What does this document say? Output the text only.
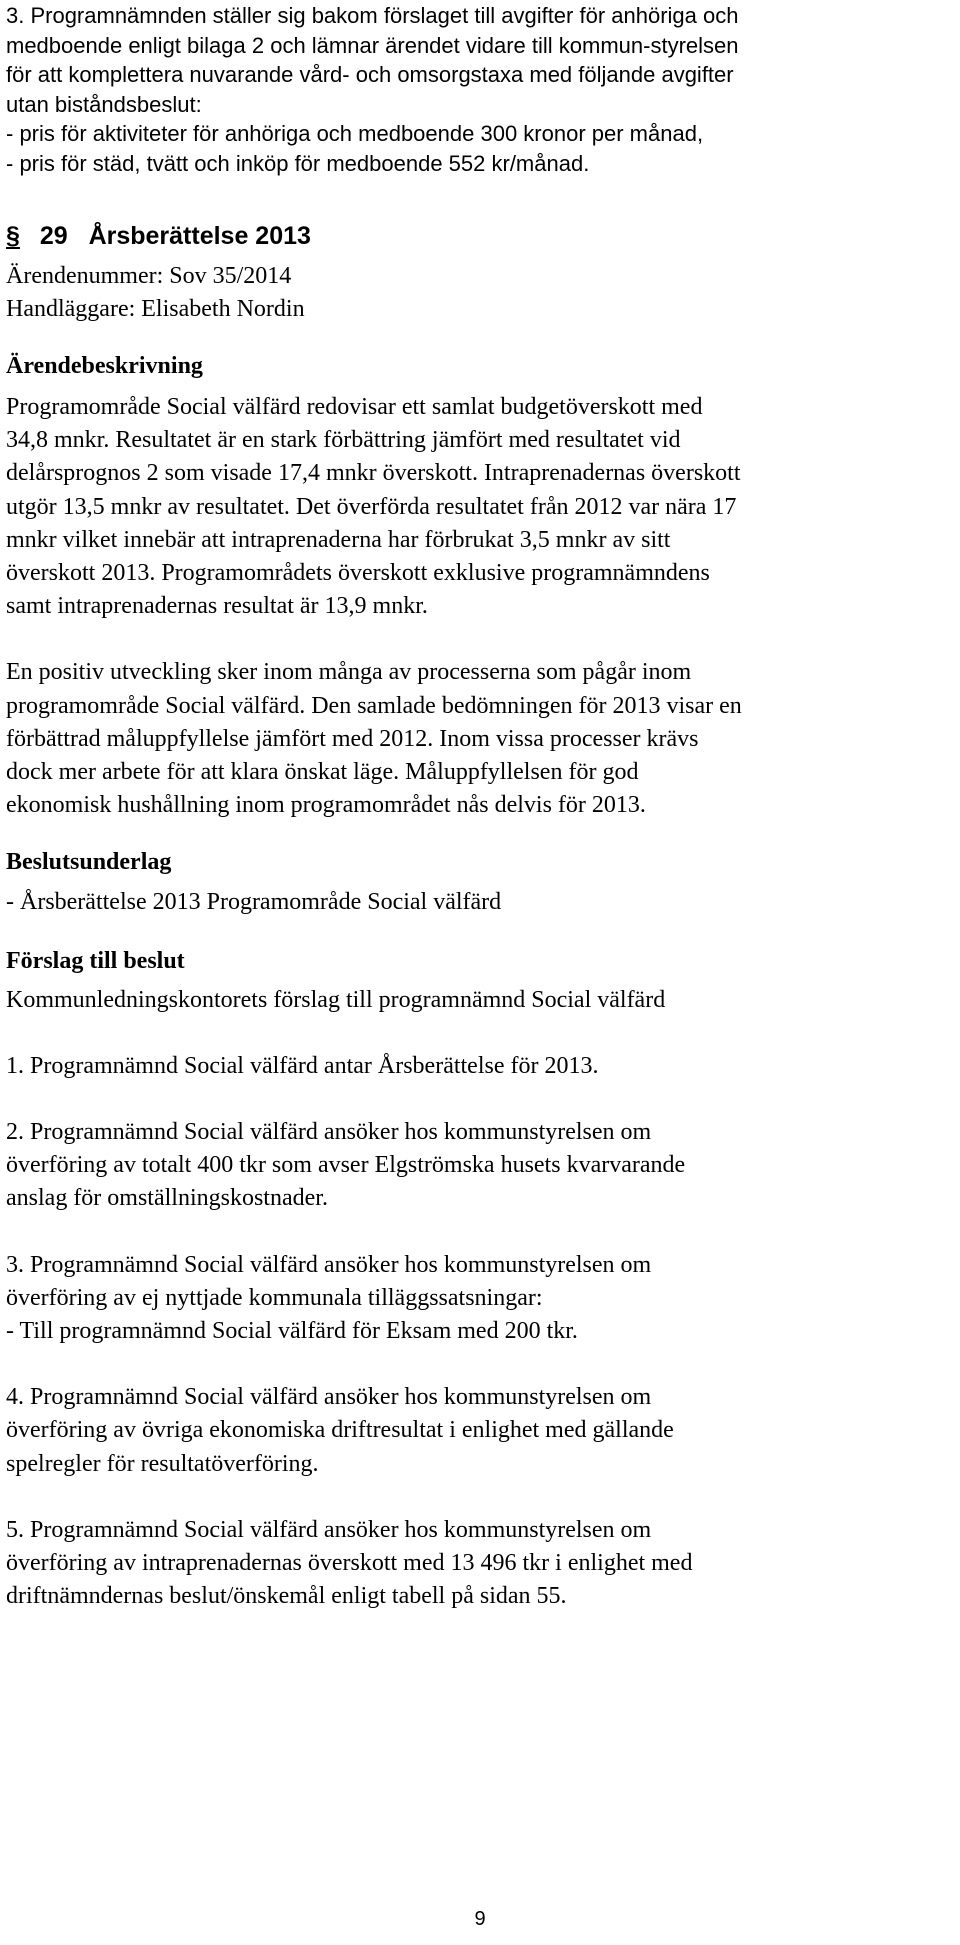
3. Programnämnden ställer sig bakom förslaget till avgifter för anhöriga och
medboende enligt bilaga 2 och lämnar ärendet vidare till kommun-styrelsen
för att komplettera nuvarande vård- och omsorgstaxa med följande avgifter
utan biståndsbeslut:
- pris för aktiviteter för anhöriga och medboende 300 kronor per månad,
- pris för städ, tvätt och inköp för medboende 552 kr/månad.
§ 29 Årsberättelse 2013
Ärendenummer: Sov 35/2014
Handläggare: Elisabeth Nordin
Ärendebeskrivning
Programområde Social välfärd redovisar ett samlat budgetöverskott med
34,8 mnkr. Resultatet är en stark förbättring jämfört med resultatet vid
delårsprognos 2 som visade 17,4 mnkr överskott. Intraprenadernas överskott
utgör 13,5 mnkr av resultatet. Det överförda resultatet från 2012 var nära 17
mnkr vilket innebär att intraprenaderna har förbrukat 3,5 mnkr av sitt
överskott 2013. Programområdets överskott exklusive programnämndens
samt intraprenadernas resultat är 13,9 mnkr.
En positiv utveckling sker inom många av processerna som pågår inom
programområde Social välfärd. Den samlade bedömningen för 2013 visar en
förbättrad måluppfyllelse jämfört med 2012. Inom vissa processer krävs
dock mer arbete för att klara önskat läge. Måluppfyllelsen för god
ekonomisk hushållning inom programområdet nås delvis för 2013.
Beslutsunderlag
- Årsberättelse 2013 Programområde Social välfärd
Förslag till beslut
Kommunledningskontorets förslag till programnämnd Social välfärd
1. Programnämnd Social välfärd antar Årsberättelse för 2013.
2. Programnämnd Social välfärd ansöker hos kommunstyrelsen om
överföring av totalt 400 tkr som avser Elgströmska husets kvarvarande
anslag för omställningskostnader.
3. Programnämnd Social välfärd ansöker hos kommunstyrelsen om
överföring av ej nyttjade kommunala tilläggssatsningar:
- Till programnämnd Social välfärd för Eksam med 200 tkr.
4. Programnämnd Social välfärd ansöker hos kommunstyrelsen om
överföring av övriga ekonomiska driftresultat i enlighet med gällande
spelregler för resultatöverföring.
5. Programnämnd Social välfärd ansöker hos kommunstyrelsen om
överföring av intraprenadernas överskott med 13 496 tkr i enlighet med
driftnämndernas beslut/önskemål enligt tabell på sidan 55.
9
